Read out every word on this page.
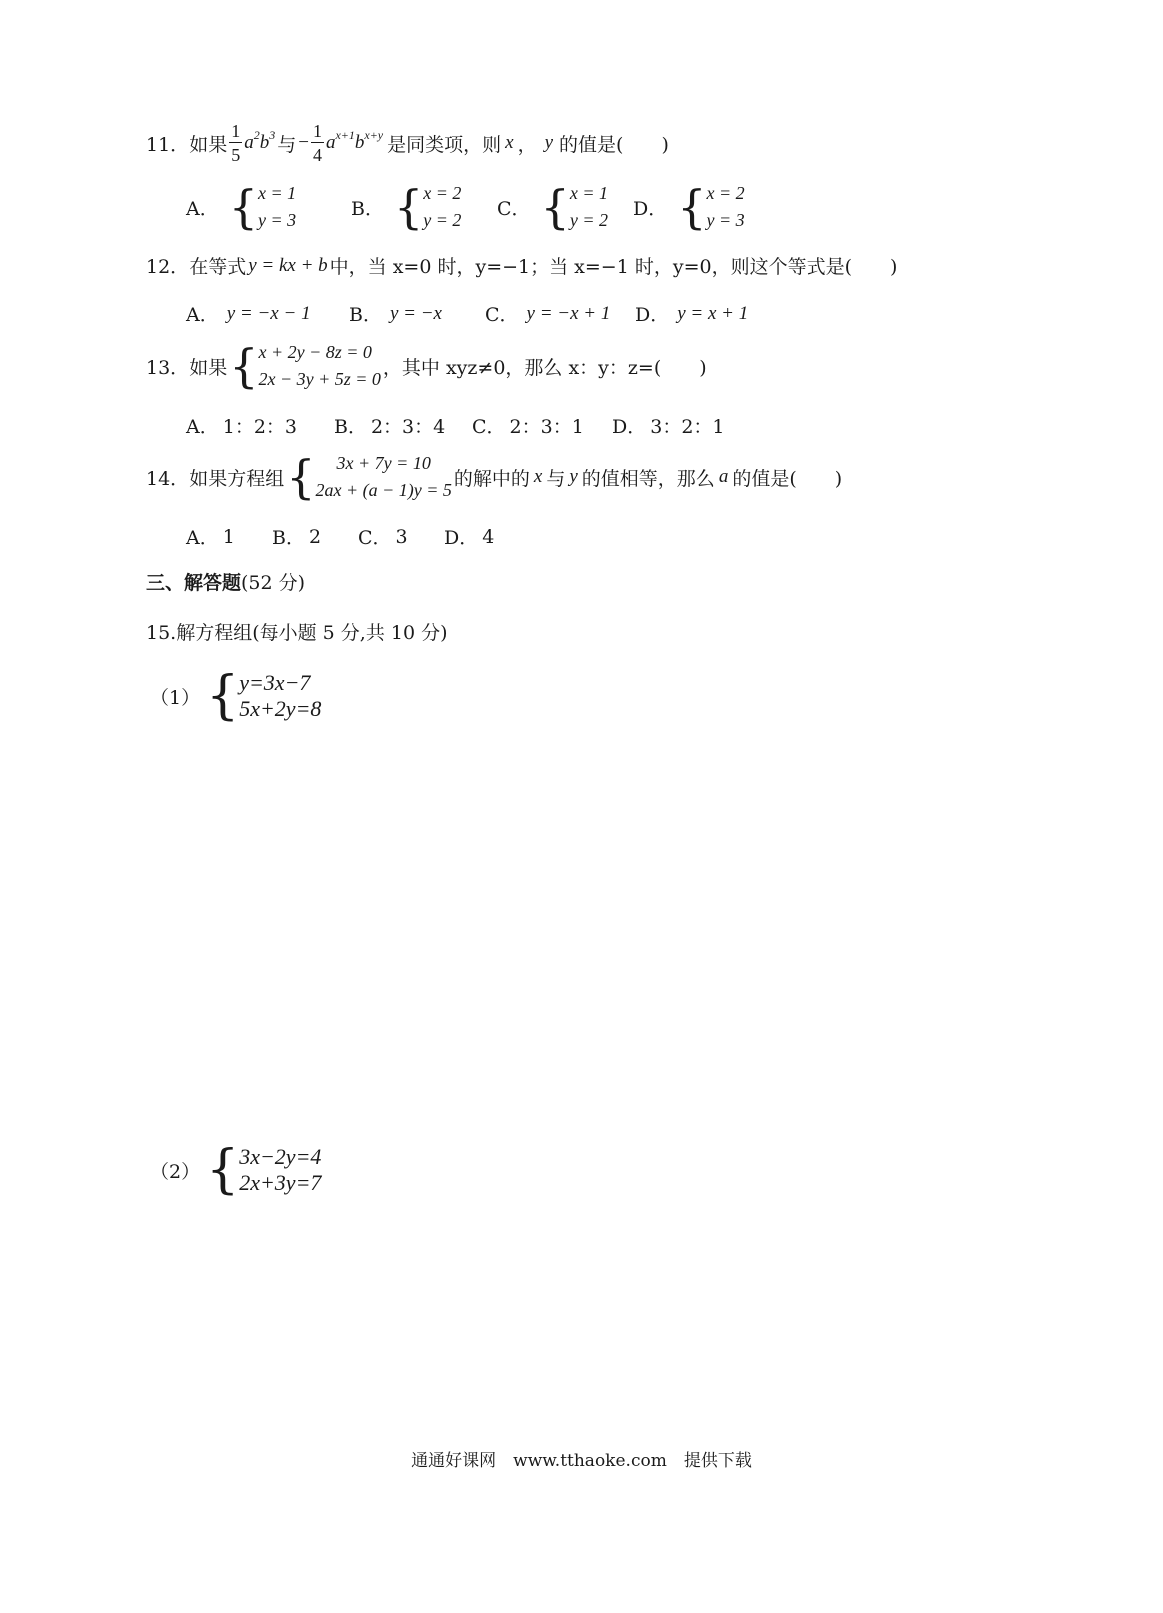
11． 如果 $\frac{1}{5} a^2b^3$ 与 − $\frac{1}{4} a^{x+1}b^{x+y}$ 是同类项，则 x ， y 的值是(　　)
A． { x = 1
y = 3
B． { x = 2
y = 2
C． { x = 1
y = 2
D． { x = 2
y = 3
12． 在等式 y = kx + b 中，当 x=0 时，y=−1；当 x=−1 时，y=0，则这个等式是(　　)
A． y = −x − 1 B． y = −x C． y = −x + 1 D． y = x + 1
13． 如果 { x + 2y − 8z = 0
2x − 3y + 5z = 0
，其中 xyz≠0，那么 x：y：z=(　　)
A． 1：2：3 B． 2：3：4 C． 2：3：1 D． 3：2：1
14． 如果方程组 { 3x + 7y = 10
2ax + (a − 1)y = 5
的解中的 x 与 y 的值相等，那么 a 的值是(　　)
A． 1 B． 2 C． 3 D． 4
三、解答题 (52 分)
15.解方程组(每小题 5 分,共 10 分)
（1） { y=3x−7
5x+2y=8
（2） { 3x−2y=4
2x+3y=7
通通好课网　www.tthaoke.com　提供下载
